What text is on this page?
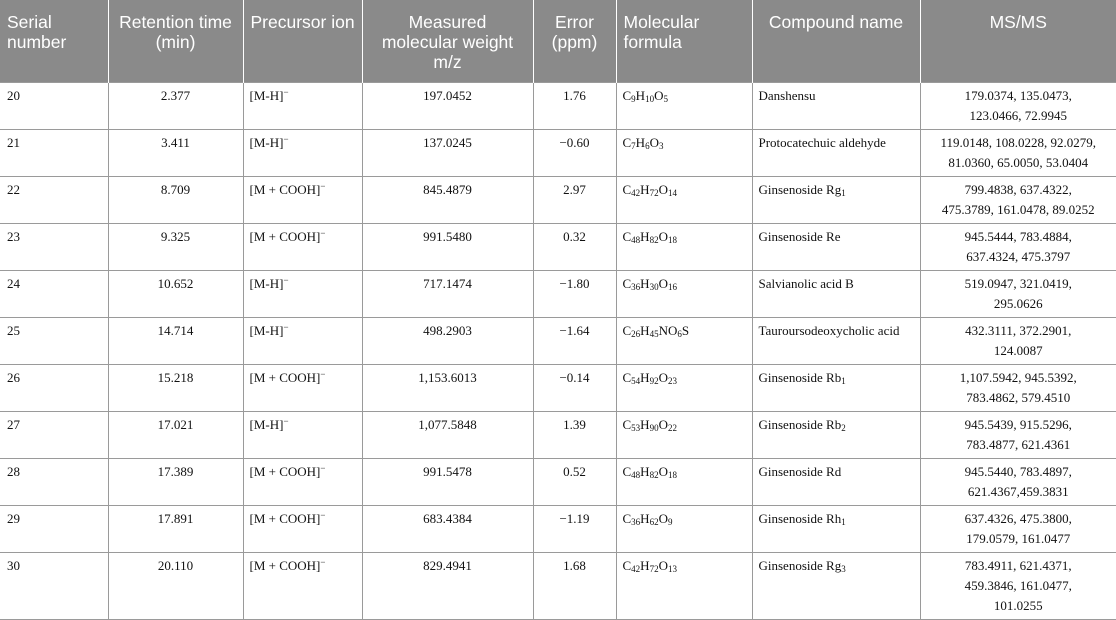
Serial number	Retention time (min)	Precursor ion	Measured molecular weight m/z	Error (ppm)	Molecular formula	Compound name	MS/MS
20	2.377	[M-H]−	197.0452	1.76	$C_9H_{10}O_5$	Danshensu	179.0374, 135.0473,
123.0466, 72.9945
21	3.411	[M-H]−	137.0245	−0.60	$C_7H_6O_3$	Protocatechuic aldehyde	119.0148, 108.0228, 92.0279,
81.0360, 65.0050, 53.0404
22	8.709	[M + COOH]−	845.4879	2.97	$C_{42}H_{72}O_{14}$	Ginsenoside $Rg_1$	799.4838, 637.4322,
475.3789, 161.0478, 89.0252
23	9.325	[M + COOH]−	991.5480	0.32	$C_{48}H_{82}O_{18}$	Ginsenoside Re	945.5444, 783.4884,
637.4324, 475.3797
24	10.652	[M-H]−	717.1474	−1.80	$C_{36}H_{30}O_{16}$	Salvianolic acid B	519.0947, 321.0419,
295.0626
25	14.714	[M-H]−	498.2903	−1.64	$C_{26}H_{45}NO_6S$	Tauroursodeoxycholic acid	432.3111, 372.2901,
124.0087
26	15.218	[M + COOH]−	1,153.6013	−0.14	$C_{54}H_{92}O_{23}$	Ginsenoside $Rb_1$	1,107.5942, 945.5392,
783.4862, 579.4510
27	17.021	[M-H]−	1,077.5848	1.39	$C_{53}H_{90}O_{22}$	Ginsenoside $Rb_2$	945.5439, 915.5296,
783.4877, 621.4361
28	17.389	[M + COOH]−	991.5478	0.52	$C_{48}H_{82}O_{18}$	Ginsenoside Rd	945.5440, 783.4897,
621.4367,459.3831
29	17.891	[M + COOH]−	683.4384	−1.19	$C_{36}H_{62}O_9$	Ginsenoside $Rh_1$	637.4326, 475.3800,
179.0579, 161.0477
30	20.110	[M + COOH]−	829.4941	1.68	$C_{42}H_{72}O_{13}$	Ginsenoside $Rg_3$	783.4911, 621.4371,
459.3846, 161.0477,
101.0255
